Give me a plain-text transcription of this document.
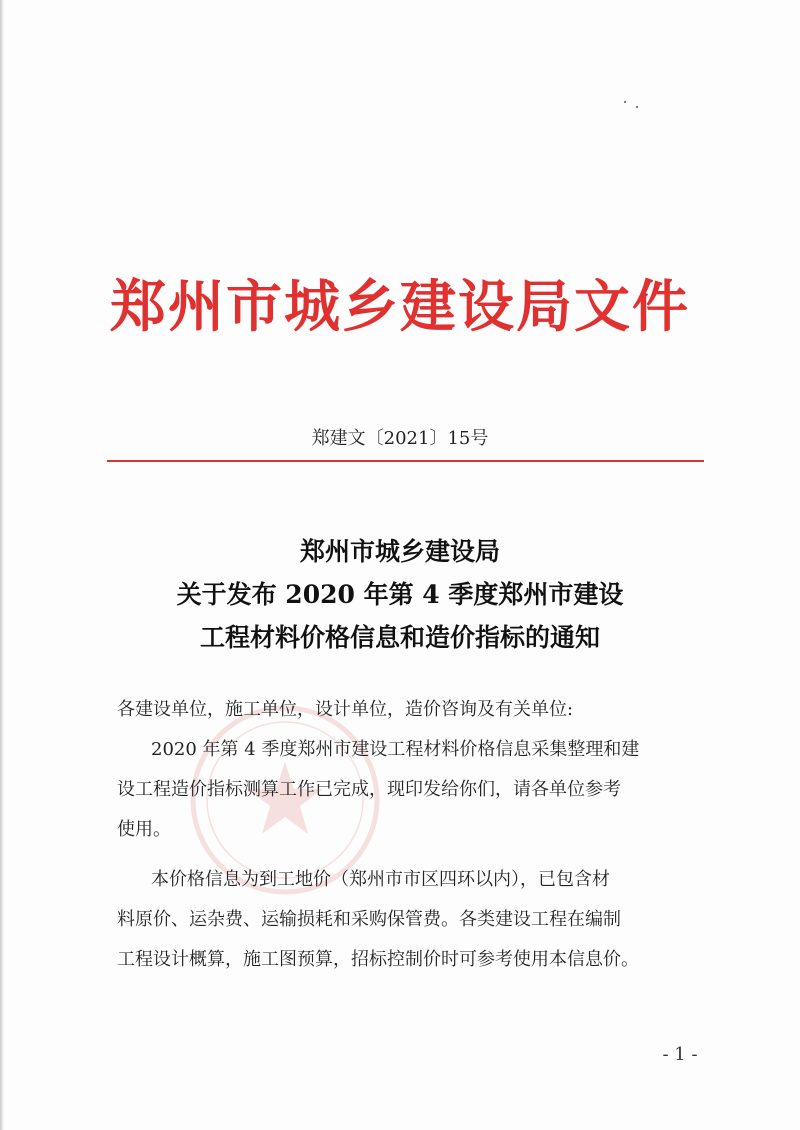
郑州市城乡建设局文件
郑建文〔2021〕15号
郑州市城乡建设局
关于发布 2020 年第 4 季度郑州市建设
工程材料价格信息和造价指标的通知
各建设单位，施工单位，设计单位，造价咨询及有关单位:
2020 年第 4 季度郑州市建设工程材料价格信息采集整理和建
设工程造价指标测算工作已完成，现印发给你们，请各单位参考
使用。
本价格信息为到工地价（郑州市市区四环以内），已包含材
料原价、运杂费、运输损耗和采购保管费。各类建设工程在编制
工程设计概算，施工图预算，招标控制价时可参考使用本信息价。
- 1 -
